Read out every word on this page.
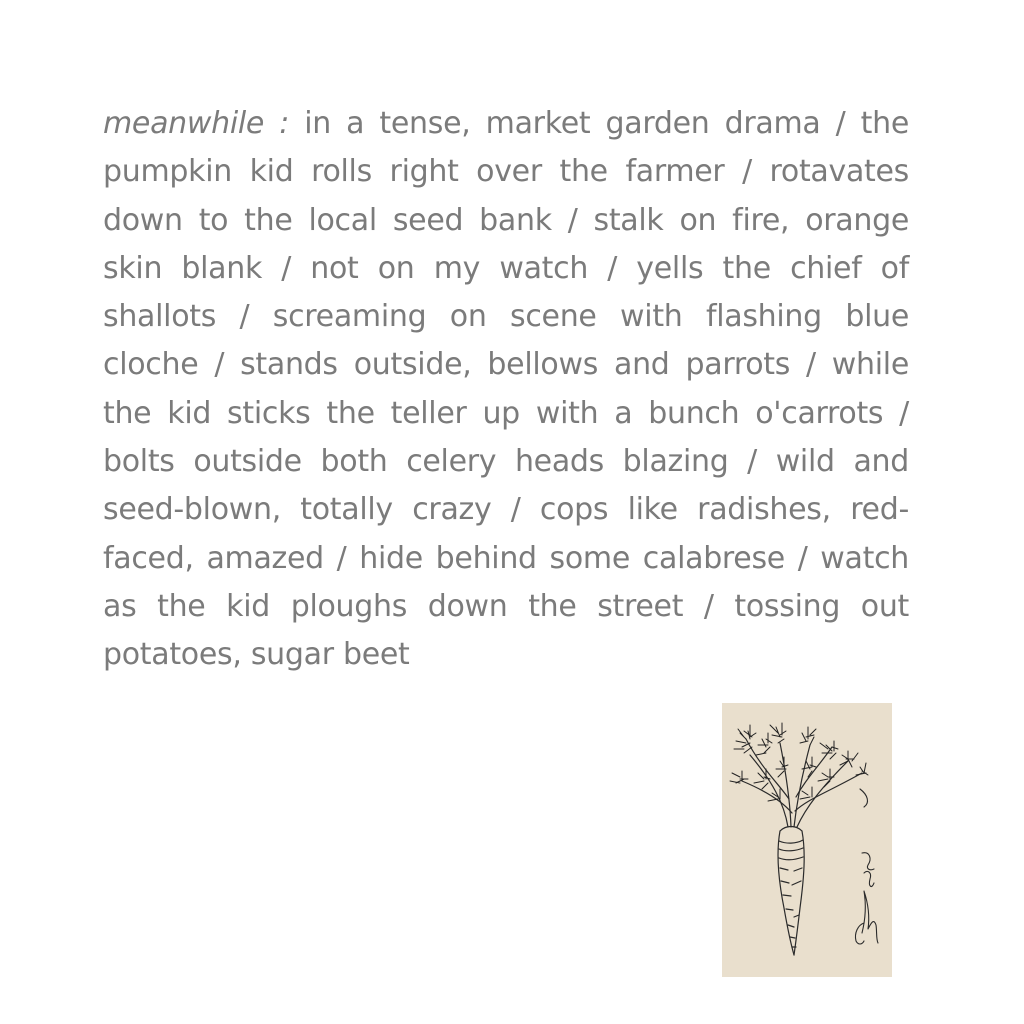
meanwhile : in a tense, market garden drama / the pumpkin kid rolls right over the farmer / rotavates down to the local seed bank / stalk on fire, orange skin blank / not on my watch / yells the chief of shallots / screaming on scene with flashing blue cloche / stands outside, bellows and parrots / while the kid sticks the teller up with a bunch o'carrots / bolts outside both celery heads blazing / wild and seed-blown, totally crazy / cops like radishes, red-faced, amazed / hide behind some calabrese / watch as the kid ploughs down the street / tossing out potatoes, sugar beet
